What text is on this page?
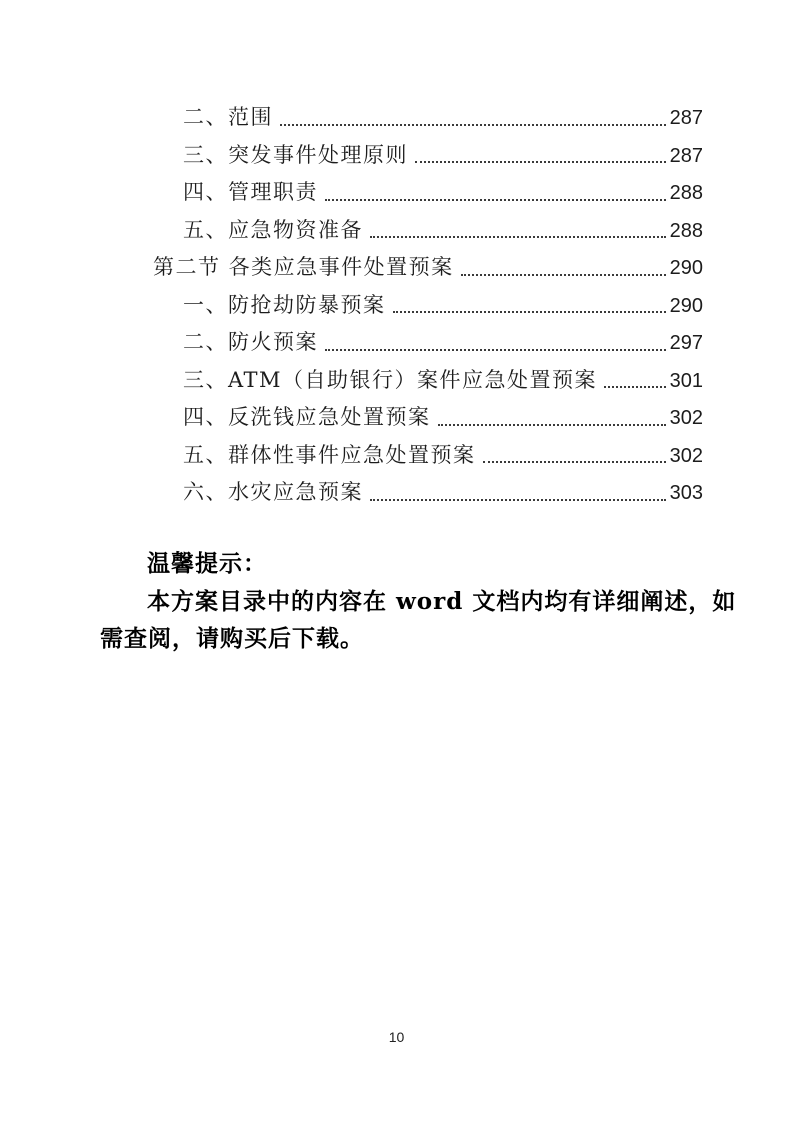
二、范围	287
三、突发事件处理原则	287
四、管理职责	288
五、应急物资准备	288
第二节 各类应急事件处置预案	290
一、防抢劫防暴预案	290
二、防火预案	297
三、ATM（自助银行）案件应急处置预案	301
四、反洗钱应急处置预案	302
五、群体性事件应急处置预案	302
六、水灾应急预案	303

温馨提示：

本方案目录中的内容在 word 文档内均有详细阐述，如

需查阅，请购买后下载。

10
